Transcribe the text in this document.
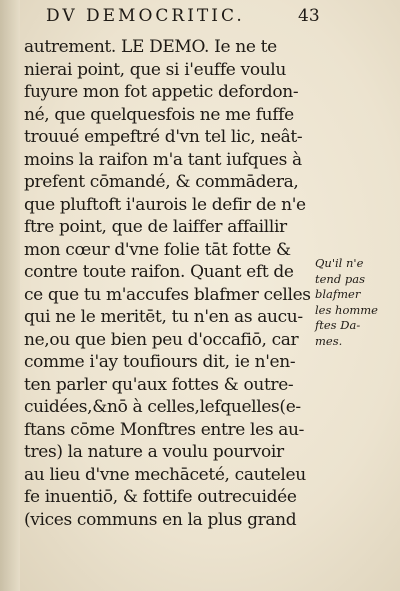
DV DEMOCRITIC.	43
autrement. LE DEMO. Ie ne te
nierai point, que si i'euffe voulu
fuyure mon fot appetic defordon-
né, que quelquesfois ne me fuffe
trouué empeftré d'vn tel lic, neât-
moins la raifon m'a tant iufques à
prefent cōmandé, & commādera,
que pluftoft i'aurois le defir de n'e
ftre point, que de laiffer affaillir
mon cœur d'vne folie tāt fotte &
contre toute raifon. Quant eft de
ce que tu m'accufes blafmer celles
qui ne le meritēt, tu n'en as aucu-
ne,ou que bien peu d'occafiō, car
comme i'ay toufiours dit, ie n'en-
ten parler qu'aux fottes & outre-
cuidées,&nō à celles,lefquelles(e-
ftans cōme Monftres entre les au-
tres) la nature a voulu pourvoir
au lieu d'vne mechāceté, cauteleu
fe inuentiō, & fottife outrecuidée
(vices communs en la plus grand
Qu'il n'e
tend pas
blafmer
les homme
ftes Da-
mes.
